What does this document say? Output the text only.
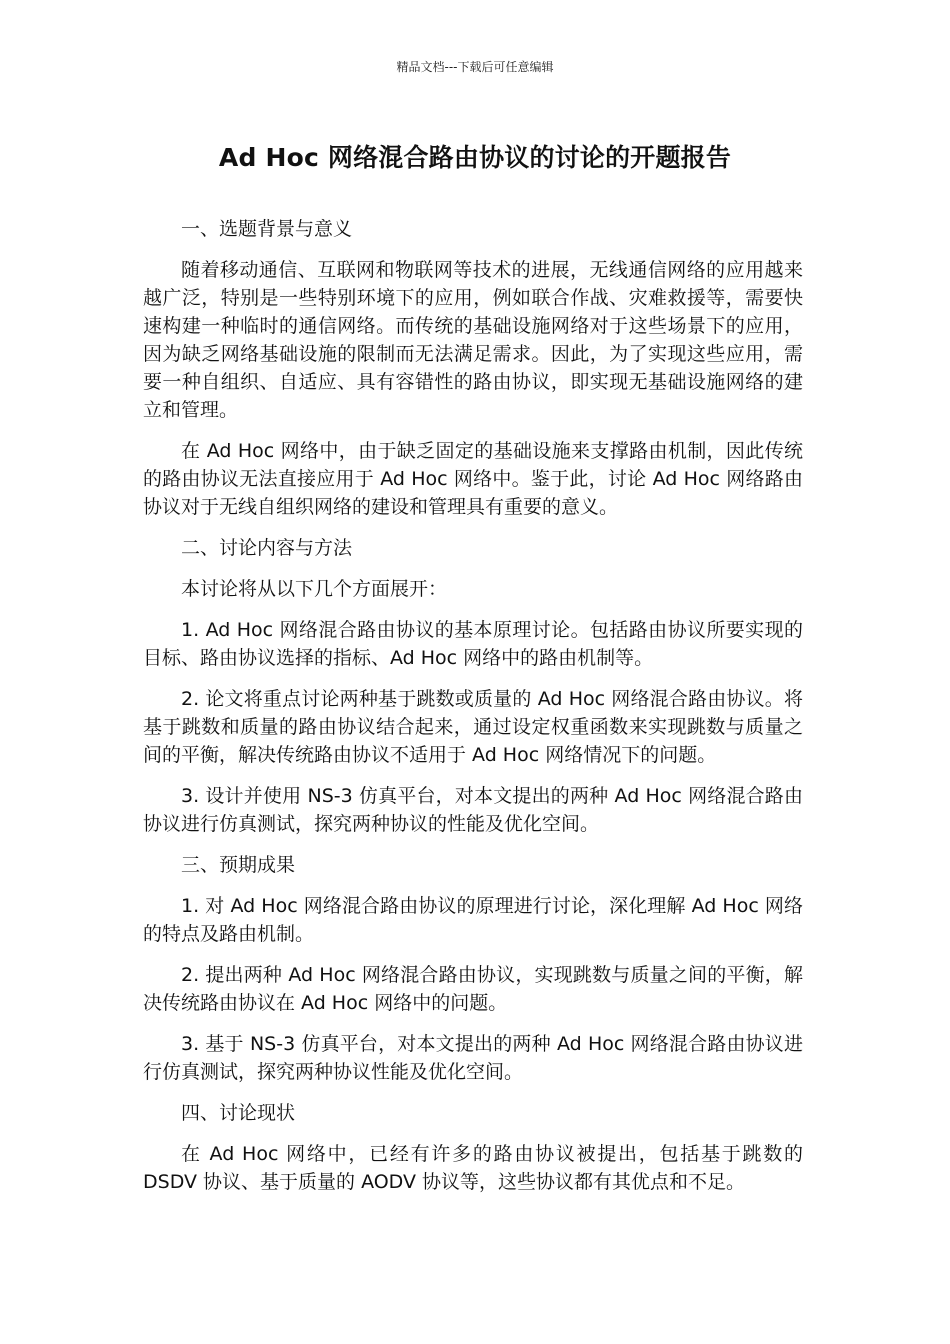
精品文档---下载后可任意编辑
Ad Hoc 网络混合路由协议的讨论的开题报告

一、选题背景与意义

随着移动通信、互联网和物联网等技术的进展，无线通信网络的应用越来越广泛，特别是一些特别环境下的应用，例如联合作战、灾难救援等，需要快速构建一种临时的通信网络。而传统的基础设施网络对于这些场景下的应用，因为缺乏网络基础设施的限制而无法满足需求。因此，为了实现这些应用，需要一种自组织、自适应、具有容错性的路由协议，即实现无基础设施网络的建立和管理。

在 Ad Hoc 网络中，由于缺乏固定的基础设施来支撑路由机制，因此传统的路由协议无法直接应用于 Ad Hoc 网络中。鉴于此，讨论 Ad Hoc 网络路由协议对于无线自组织网络的建设和管理具有重要的意义。

二、讨论内容与方法

本讨论将从以下几个方面展开：

1. Ad Hoc 网络混合路由协议的基本原理讨论。包括路由协议所要实现的目标、路由协议选择的指标、Ad Hoc 网络中的路由机制等。

2. 论文将重点讨论两种基于跳数或质量的 Ad Hoc 网络混合路由协议。将基于跳数和质量的路由协议结合起来，通过设定权重函数来实现跳数与质量之间的平衡，解决传统路由协议不适用于 Ad Hoc 网络情况下的问题。

3. 设计并使用 NS-3 仿真平台，对本文提出的两种 Ad Hoc 网络混合路由协议进行仿真测试，探究两种协议的性能及优化空间。

三、预期成果

1. 对 Ad Hoc 网络混合路由协议的原理进行讨论，深化理解 Ad Hoc 网络的特点及路由机制。

2. 提出两种 Ad Hoc 网络混合路由协议，实现跳数与质量之间的平衡，解决传统路由协议在 Ad Hoc 网络中的问题。

3. 基于 NS-3 仿真平台，对本文提出的两种 Ad Hoc 网络混合路由协议进行仿真测试，探究两种协议性能及优化空间。

四、讨论现状

在 Ad Hoc 网络中，已经有许多的路由协议被提出，包括基于跳数的 DSDV 协议、基于质量的 AODV 协议等，这些协议都有其优点和不足。
